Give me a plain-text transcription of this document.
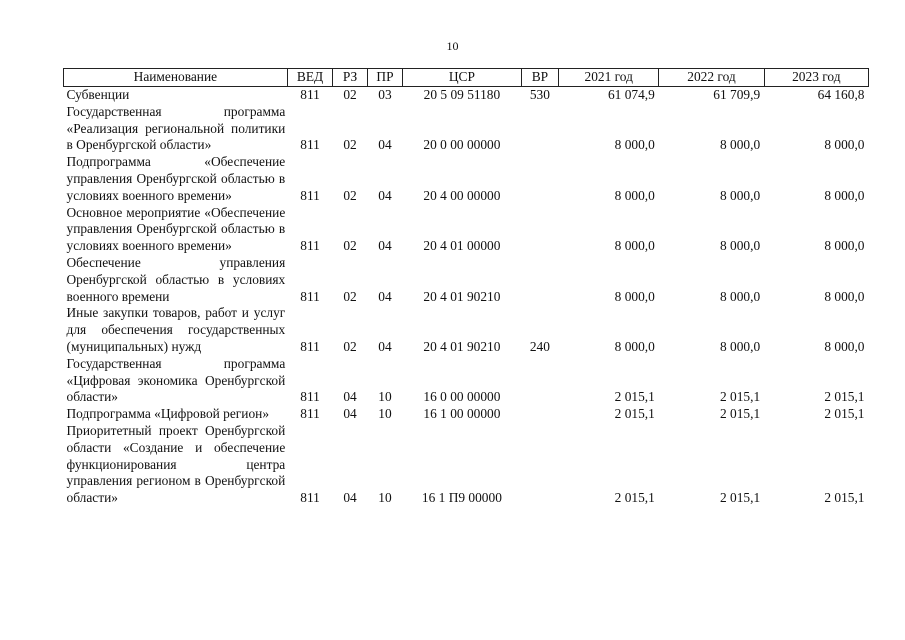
10
Наименование	ВЕД	РЗ	ПР	ЦСР	ВР	2021 год	2022 год	2023 год
Субвенции	811	02	03	20 5 09 51180	530	61 074,9	61 709,9	64 160,8
Государственная программа «Реализация региональной политики в Оренбургской области»	811	02	04	20 0 00 00000		8 000,0	8 000,0	8 000,0
Подпрограмма «Обеспечение управления Оренбургской областью в условиях военного времени»	811	02	04	20 4 00 00000		8 000,0	8 000,0	8 000,0
Основное мероприятие «Обеспечение управления Оренбургской областью в условиях военного времени»	811	02	04	20 4 01 00000		8 000,0	8 000,0	8 000,0
Обеспечение управления Оренбургской областью в условиях военного времени	811	02	04	20 4 01 90210		8 000,0	8 000,0	8 000,0
Иные закупки товаров, работ и услуг для обеспечения государственных (муниципальных) нужд	811	02	04	20 4 01 90210	240	8 000,0	8 000,0	8 000,0
Государственная программа «Цифровая экономика Оренбургской области»	811	04	10	16 0 00 00000		2 015,1	2 015,1	2 015,1
Подпрограмма «Цифровой регион»	811	04	10	16 1 00 00000		2 015,1	2 015,1	2 015,1
Приоритетный проект Оренбургской области «Создание и обеспечение функционирования центра управления регионом в Оренбургской области»	811	04	10	16 1 П9 00000		2 015,1	2 015,1	2 015,1
